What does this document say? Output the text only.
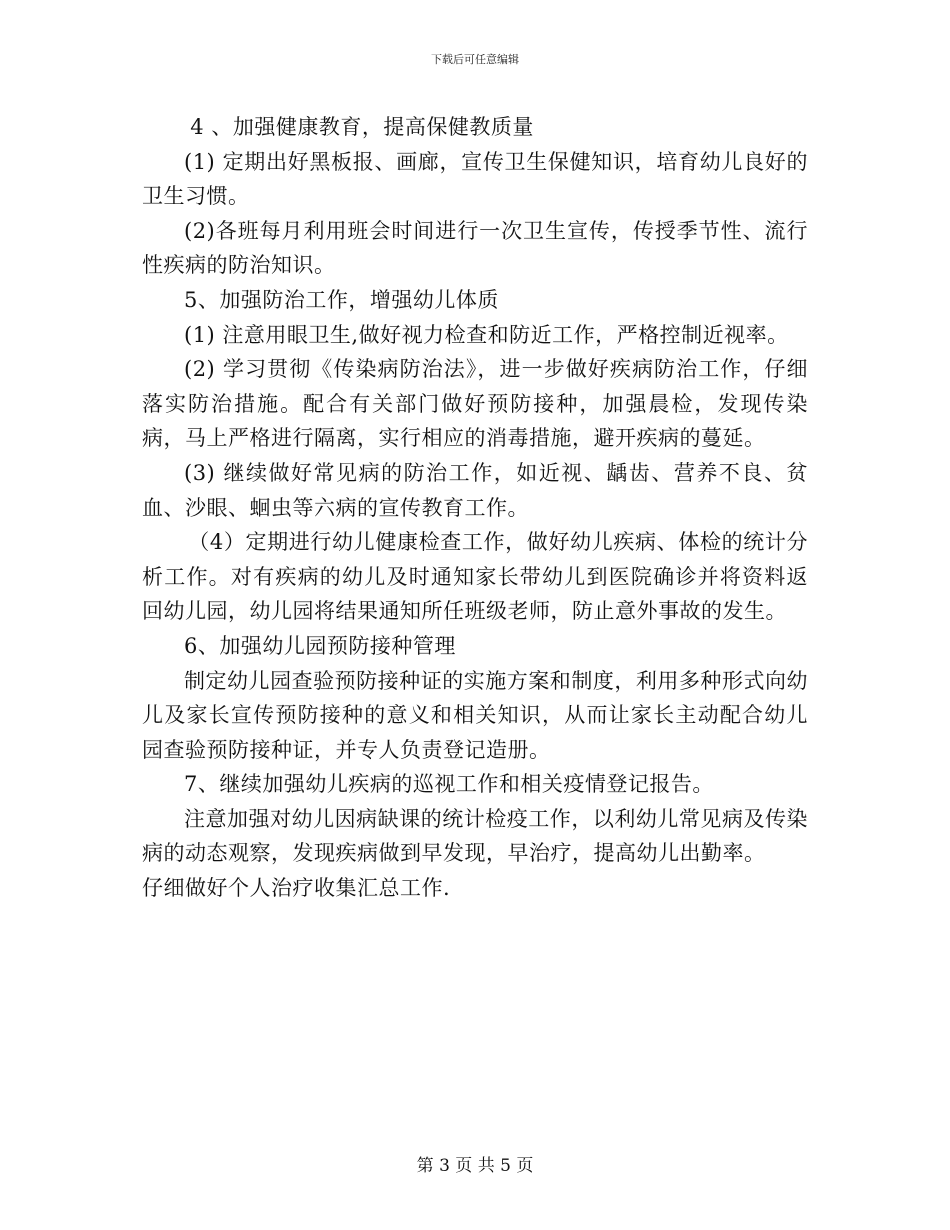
下载后可任意编辑

4 、加强健康教育，提高保健教质量

(1) 定期出好黑板报、画廊，宣传卫生保健知识，培育幼儿良好的卫生习惯。

(2)各班每月利用班会时间进行一次卫生宣传，传授季节性、流行性疾病的防治知识。

5、加强防治工作，增强幼儿体质

(1) 注意用眼卫生,做好视力检查和防近工作，严格控制近视率。

(2) 学习贯彻《传染病防治法》，进一步做好疾病防治工作，仔细落实防治措施。配合有关部门做好预防接种，加强晨检，发现传染病，马上严格进行隔离，实行相应的消毒措施，避开疾病的蔓延。

(3) 继续做好常见病的防治工作，如近视、龋齿、营养不良、贫血、沙眼、蛔虫等六病的宣传教育工作。

（4）定期进行幼儿健康检查工作，做好幼儿疾病、体检的统计分析工作。对有疾病的幼儿及时通知家长带幼儿到医院确诊并将资料返回幼儿园，幼儿园将结果通知所任班级老师，防止意外事故的发生。

6、加强幼儿园预防接种管理

制定幼儿园查验预防接种证的实施方案和制度，利用多种形式向幼儿及家长宣传预防接种的意义和相关知识，从而让家长主动配合幼儿园查验预防接种证，并专人负责登记造册。

7、继续加强幼儿疾病的巡视工作和相关疫情登记报告。

注意加强对幼儿因病缺课的统计检疫工作，以利幼儿常见病及传染病的动态观察，发现疾病做到早发现，早治疗，提高幼儿出勤率。

仔细做好个人治疗收集汇总工作.

第 3 页 共 5 页
